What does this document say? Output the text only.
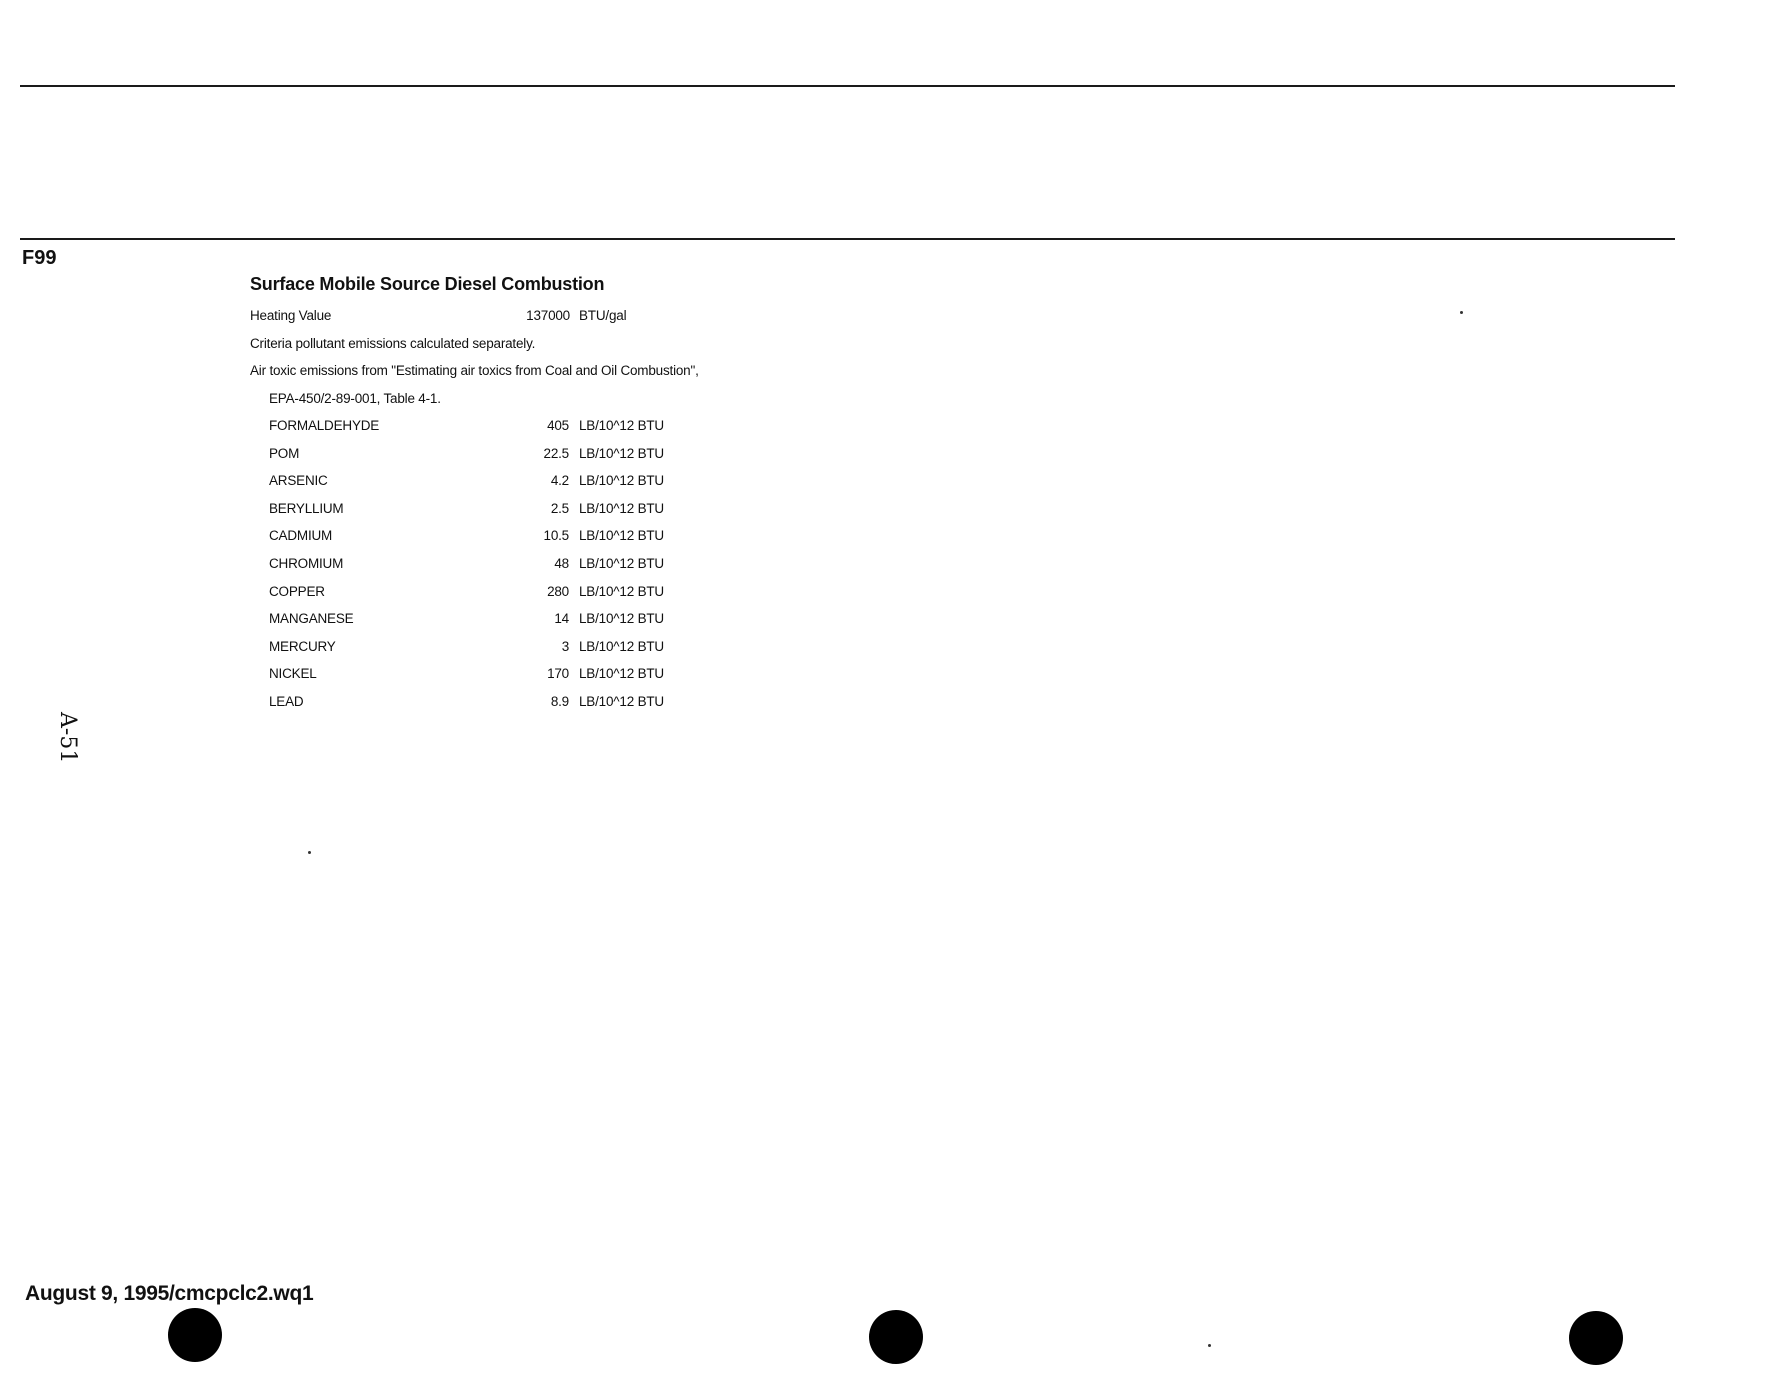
F99
Surface Mobile Source Diesel Combustion
Heating Value	137000 BTU/gal
Criteria pollutant emissions calculated separately.
Air toxic emissions from "Estimating air toxics from Coal and Oil Combustion",
EPA-450/2-89-001, Table 4-1.
FORMALDEHYDE	405 LB/10^12 BTU
POM	22.5 LB/10^12 BTU
ARSENIC	4.2 LB/10^12 BTU
BERYLLIUM	2.5 LB/10^12 BTU
CADMIUM	10.5 LB/10^12 BTU
CHROMIUM	48 LB/10^12 BTU
COPPER	280 LB/10^12 BTU
MANGANESE	14 LB/10^12 BTU
MERCURY	3 LB/10^12 BTU
NICKEL	170 LB/10^12 BTU
LEAD	8.9 LB/10^12 BTU
A-51
August 9, 1995/cmcpclc2.wq1
